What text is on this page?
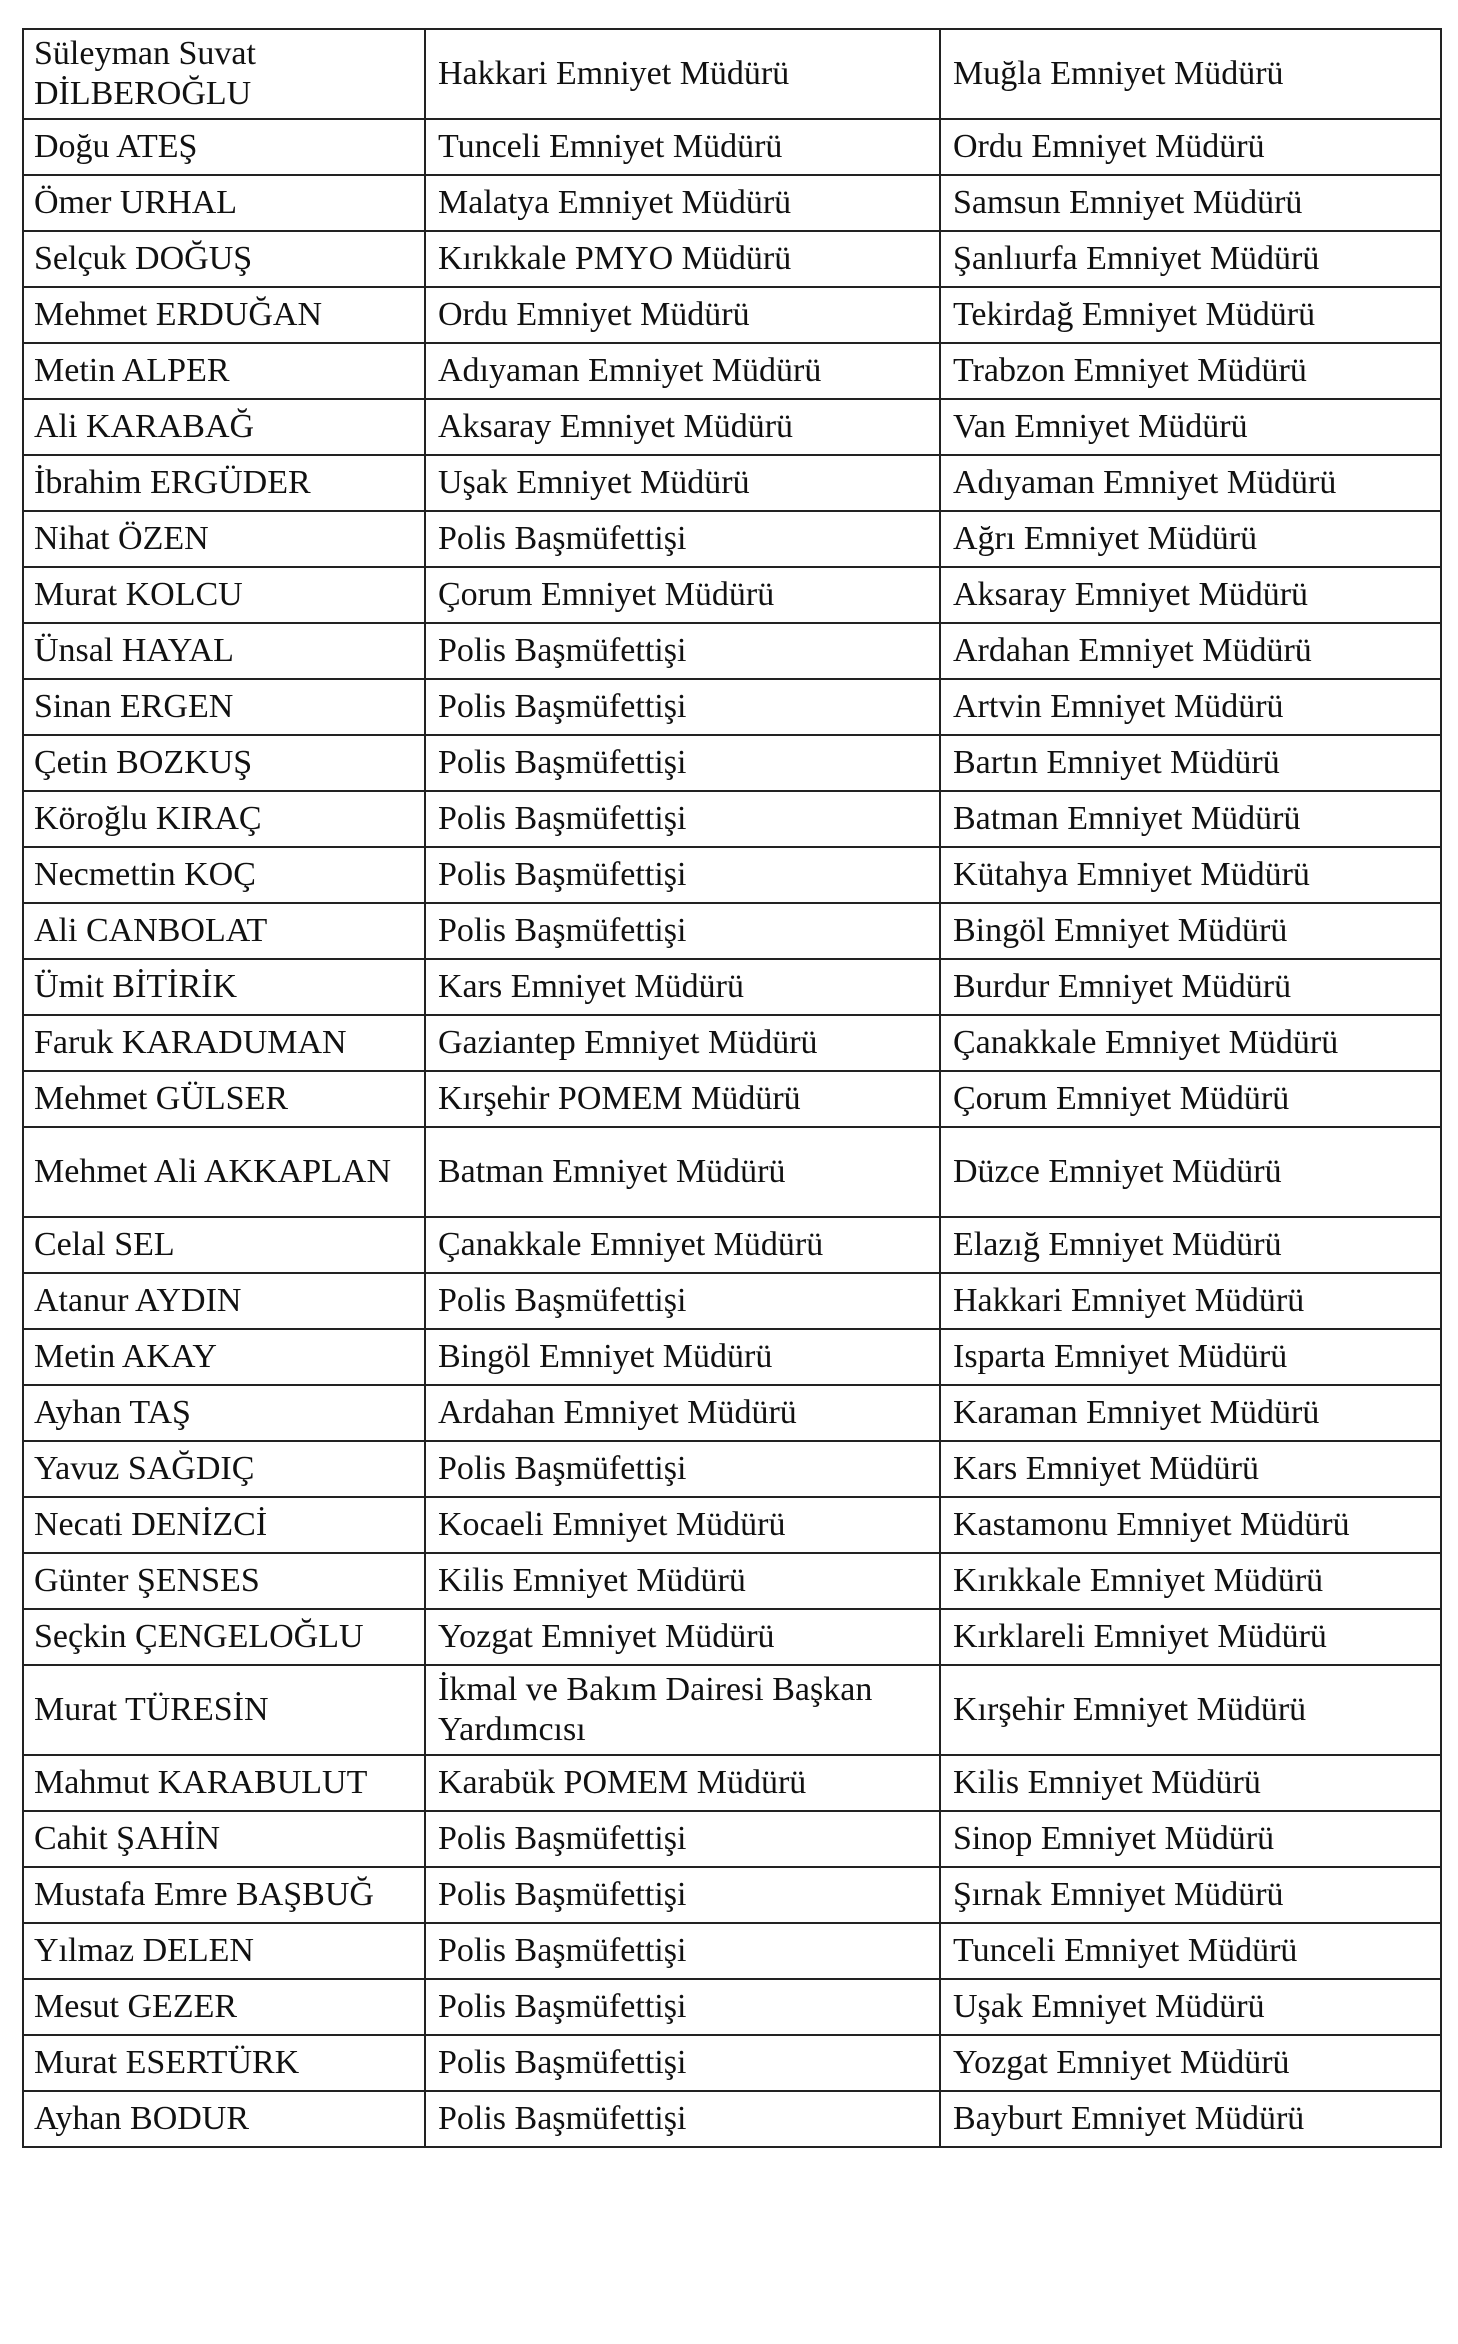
Süleyman Suvat DİLBEROĞLU	Hakkari Emniyet Müdürü	Muğla Emniyet Müdürü
Doğu ATEŞ	Tunceli Emniyet Müdürü	Ordu Emniyet Müdürü
Ömer URHAL	Malatya Emniyet Müdürü	Samsun Emniyet Müdürü
Selçuk DOĞUŞ	Kırıkkale PMYO Müdürü	Şanlıurfa Emniyet Müdürü
Mehmet ERDUĞAN	Ordu Emniyet Müdürü	Tekirdağ Emniyet Müdürü
Metin ALPER	Adıyaman Emniyet Müdürü	Trabzon Emniyet Müdürü
Ali KARABAĞ	Aksaray Emniyet Müdürü	Van Emniyet Müdürü
İbrahim ERGÜDER	Uşak Emniyet Müdürü	Adıyaman Emniyet Müdürü
Nihat ÖZEN	Polis Başmüfettişi	Ağrı Emniyet Müdürü
Murat KOLCU	Çorum Emniyet Müdürü	Aksaray Emniyet Müdürü
Ünsal HAYAL	Polis Başmüfettişi	Ardahan Emniyet Müdürü
Sinan ERGEN	Polis Başmüfettişi	Artvin Emniyet Müdürü
Çetin BOZKUŞ	Polis Başmüfettişi	Bartın Emniyet Müdürü
Köroğlu KIRAÇ	Polis Başmüfettişi	Batman Emniyet Müdürü
Necmettin KOÇ	Polis Başmüfettişi	Kütahya Emniyet Müdürü
Ali CANBOLAT	Polis Başmüfettişi	Bingöl Emniyet Müdürü
Ümit BİTİRİK	Kars Emniyet Müdürü	Burdur Emniyet Müdürü
Faruk KARADUMAN	Gaziantep Emniyet Müdürü	Çanakkale Emniyet Müdürü
Mehmet GÜLSER	Kırşehir POMEM Müdürü	Çorum Emniyet Müdürü
Mehmet Ali AKKAPLAN	Batman Emniyet Müdürü	Düzce Emniyet Müdürü
Celal SEL	Çanakkale Emniyet Müdürü	Elazığ Emniyet Müdürü
Atanur AYDIN	Polis Başmüfettişi	Hakkari Emniyet Müdürü
Metin AKAY	Bingöl Emniyet Müdürü	Isparta Emniyet Müdürü
Ayhan TAŞ	Ardahan Emniyet Müdürü	Karaman Emniyet Müdürü
Yavuz SAĞDIÇ	Polis Başmüfettişi	Kars Emniyet Müdürü
Necati DENİZCİ	Kocaeli Emniyet Müdürü	Kastamonu Emniyet Müdürü
Günter ŞENSES	Kilis Emniyet Müdürü	Kırıkkale Emniyet Müdürü
Seçkin ÇENGELOĞLU	Yozgat Emniyet Müdürü	Kırklareli Emniyet Müdürü
Murat TÜRESİN	İkmal ve Bakım Dairesi Başkan Yardımcısı	Kırşehir Emniyet Müdürü
Mahmut KARABULUT	Karabük POMEM Müdürü	Kilis Emniyet Müdürü
Cahit ŞAHİN	Polis Başmüfettişi	Sinop Emniyet Müdürü
Mustafa Emre BAŞBUĞ	Polis Başmüfettişi	Şırnak Emniyet Müdürü
Yılmaz DELEN	Polis Başmüfettişi	Tunceli Emniyet Müdürü
Mesut GEZER	Polis Başmüfettişi	Uşak Emniyet Müdürü
Murat ESERTÜRK	Polis Başmüfettişi	Yozgat Emniyet Müdürü
Ayhan BODUR	Polis Başmüfettişi	Bayburt Emniyet Müdürü
